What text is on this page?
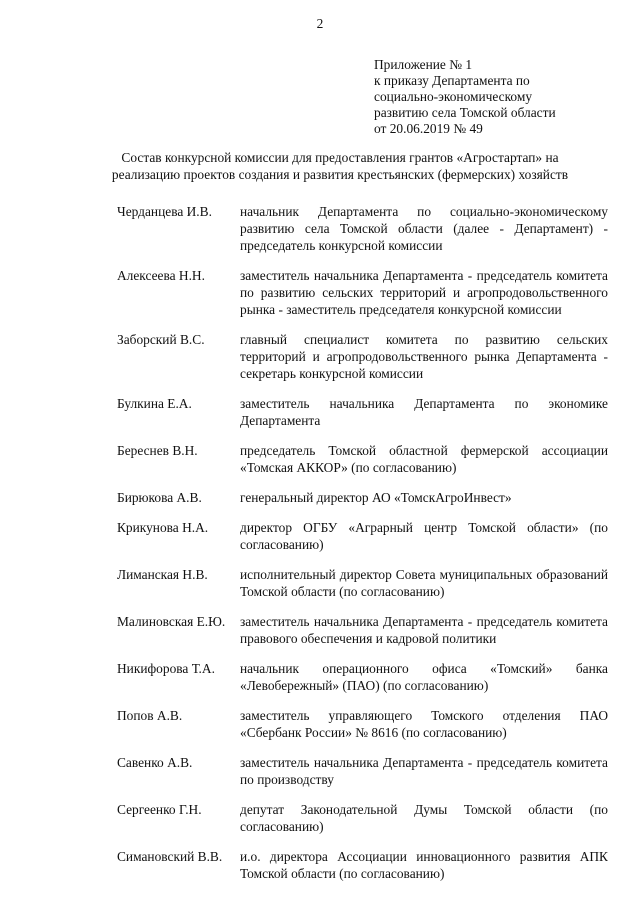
2
Приложение № 1
к приказу Департамента по
социально-экономическому
развитию села Томской области
от 20.06.2019 № 49
Состав конкурсной комиссии для предоставления грантов «Агростартап» на реализацию проектов создания и развития крестьянских (фермерских) хозяйств
Черданцева И.В. начальник Департамента по социально-экономическому развитию села Томской области (далее - Департамент) - председатель конкурсной комиссии
Алексеева Н.Н.	заместитель начальника Департамента - председатель комитета по развитию сельских территорий и агропродовольственного рынка - заместитель председателя конкурсной комиссии
Заборский В.С.	главный специалист комитета по развитию сельских территорий и агропродовольственного рынка Департамента - секретарь конкурсной комиссии
Булкина Е.А.	заместитель начальника Департамента по экономике Департамента
Береснев В.Н.	председатель Томской областной фермерской ассоциации «Томская АККОР» (по согласованию)
Бирюкова А.В.	генеральный директор АО «ТомскАгроИнвест»
Крикунова Н.А. директор ОГБУ «Аграрный центр Томской области» (по согласованию)
Лиманская Н.В. исполнительный директор Совета муниципальных образований Томской области (по согласованию)
Малиновская Е.Ю. заместитель начальника Департамента - председатель комитета правового обеспечения и кадровой политики
Никифорова Т.А. начальник операционного офиса «Томский» банка «Левобережный» (ПАО) (по согласованию)
Попов А.В.	заместитель управляющего Томского отделения ПАО «Сбербанк России» № 8616 (по согласованию)
Савенко А.В.	заместитель начальника Департамента - председатель комитета по производству
Сергеенко Г.Н.	депутат Законодательной Думы Томской области (по согласованию)
Симановский В.В. и.о. директора Ассоциации инновационного развития АПК Томской области (по согласованию)
